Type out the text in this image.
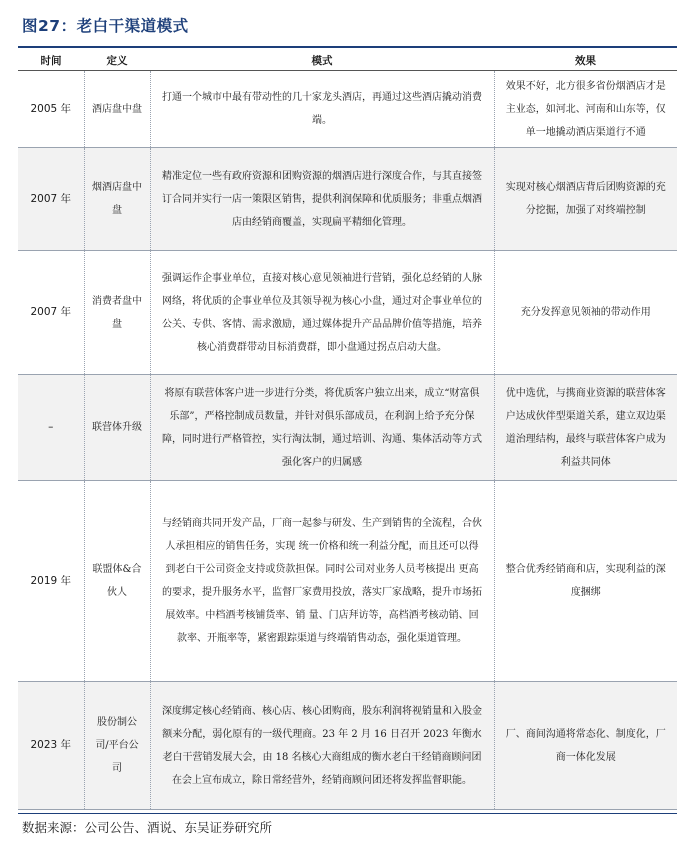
图27：老白干渠道模式
时间	定义	模式	效果
2005 年	酒店盘中盘	打通一个城市中最有带动性的几十家龙头酒店，再通过这些酒店撬动消费端。	效果不好，北方很多省份烟酒店才是主业态，如河北、河南和山东等，仅单一地撬动酒店渠道行不通
2007 年	烟酒店盘中盘	精准定位一些有政府资源和团购资源的烟酒店进行深度合作，与其直接签订合同并实行一店一策限区销售，提供利润保障和优质服务；非重点烟酒店由经销商覆盖，实现扁平精细化管理。	实现对核心烟酒店背后团购资源的充分挖掘，加强了对终端控制
2007 年	消费者盘中盘	强调运作企事业单位，直接对核心意见领袖进行营销，强化总经销的人脉网络，将优质的企事业单位及其领导视为核心小盘，通过对企事业单位的公关、专供、客情、需求激励，通过媒体提升产品品牌价值等措施，培养核心消费群带动目标消费群，即小盘通过拐点启动大盘。	充分发挥意见领袖的带动作用
–	联营体升级	将原有联营体客户进一步进行分类，将优质客户独立出来，成立“财富俱乐部”，严格控制成员数量，并针对俱乐部成员，在利润上给予充分保障，同时进行严格管控，实行淘汰制，通过培训、沟通、集体活动等方式强化客户的归属感	优中选优，与携商业资源的联营体客户达成伙伴型渠道关系，建立双边渠道治理结构，最终与联营体客户成为利益共同体
2019 年	联盟体&合伙人	与经销商共同开发产品，厂商一起参与研发、生产到销售的全流程，合伙人承担相应的销售任务，实现 统一价格和统一利益分配，而且还可以得到老白干公司资金支持或贷款担保。同时公司对业务人员考核提出 更高的要求，提升服务水平，监督厂家费用投放，落实厂家战略，提升市场拓展效率。中档酒考核铺货率、销 量、门店拜访等，高档酒考核动销、回款率、开瓶率等，紧密跟踪渠道与终端销售动态，强化渠道管理。	整合优秀经销商和店，实现利益的深度捆绑
2023 年	股份制公司/平台公司	深度绑定核心经销商、核心店、核心团购商，股东利润将视销量和入股金额来分配，弱化原有的一级代理商。23 年 2 月 16 日召开 2023 年衡水老白干营销发展大会，由 18 名核心大商组成的衡水老白干经销商顾问团在会上宣布成立，除日常经营外，经销商顾问团还将发挥监督职能。	厂、商间沟通将常态化、制度化，厂商一体化发展
数据来源：公司公告、酒说、东吴证券研究所
